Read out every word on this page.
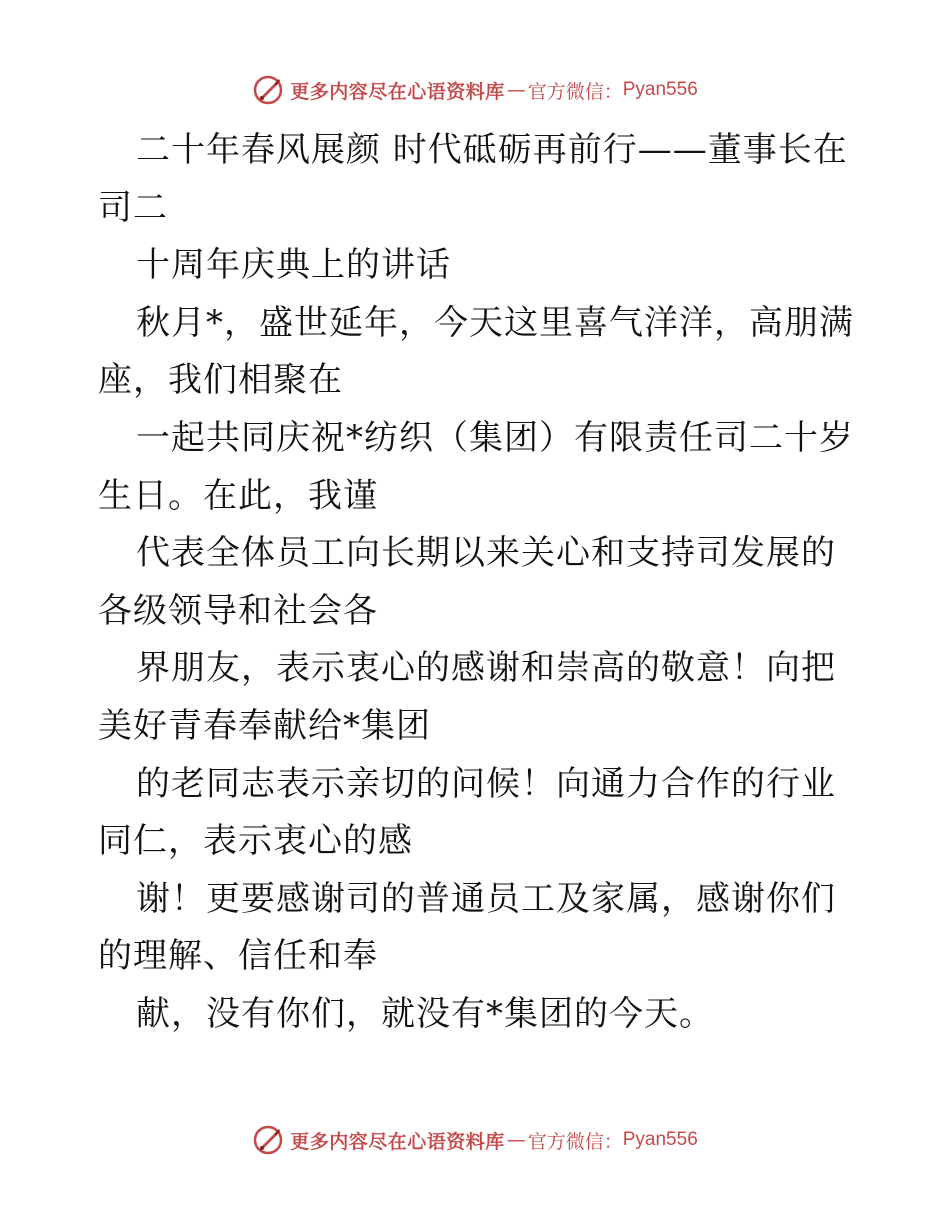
更多内容尽在心语资料库 — 官方微信： Pyan556

二十年春风展颜 时代砥砺再前行——董事长在司二

十周年庆典上的讲话

秋月*，盛世延年，今天这里喜气洋洋，高朋满座，我们相聚在

一起共同庆祝*纺织（集团）有限责任司二十岁生日。在此，我谨

代表全体员工向长期以来关心和支持司发展的各级领导和社会各

界朋友，表示衷心的感谢和崇高的敬意！向把美好青春奉献给*集团

的老同志表示亲切的问候！向通力合作的行业同仁，表示衷心的感

谢！更要感谢司的普通员工及家属，感谢你们的理解、信任和奉

献，没有你们，就没有*集团的今天。

更多内容尽在心语资料库 — 官方微信： Pyan556
